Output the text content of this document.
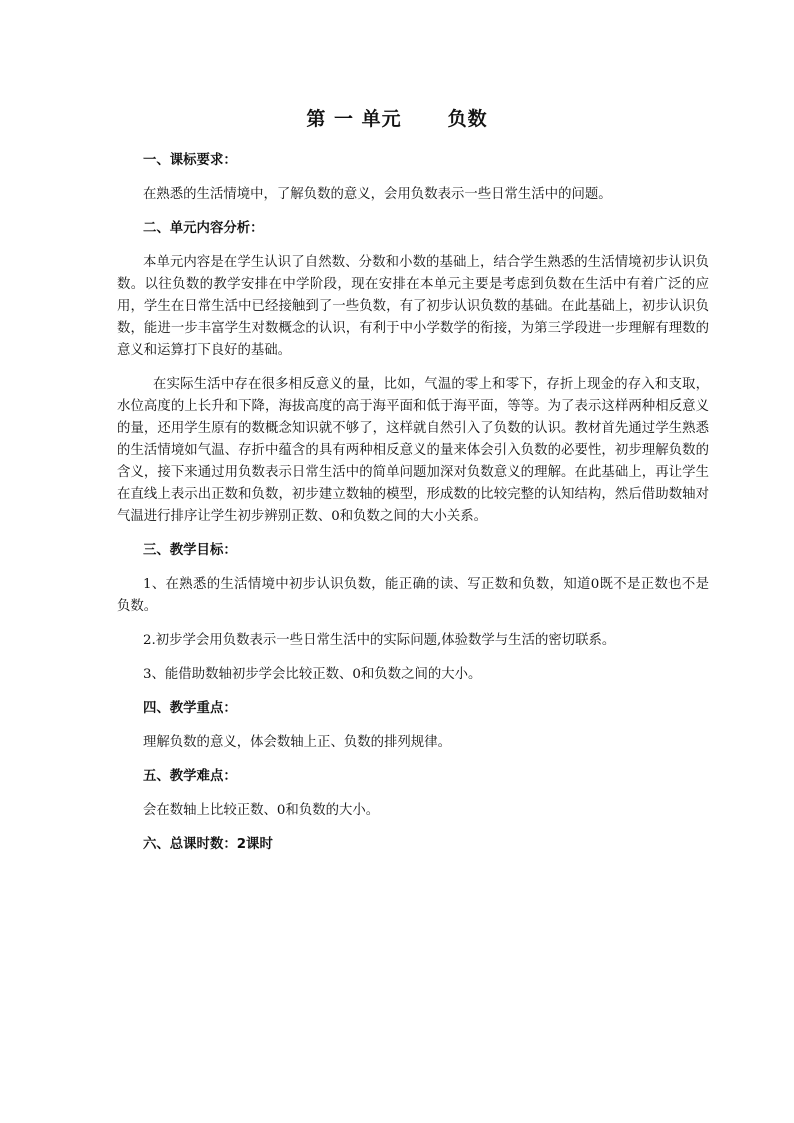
第 一 单元 负数
一、课标要求：
在熟悉的生活情境中，了解负数的意义，会用负数表示一些日常生活中的问题。
二、单元内容分析：
本单元内容是在学生认识了自然数、分数和小数的基础上，结合学生熟悉的生活情境初步认识负数。以往负数的教学安排在中学阶段，现在安排在本单元主要是考虑到负数在生活中有着广泛的应用，学生在日常生活中已经接触到了一些负数，有了初步认识负数的基础。在此基础上，初步认识负数，能进一步丰富学生对数概念的认识，有利于中小学数学的衔接，为第三学段进一步理解有理数的意义和运算打下良好的基础。
在实际生活中存在很多相反意义的量，比如，气温的零上和零下，存折上现金的存入和支取，水位高度的上长升和下降，海拔高度的高于海平面和低于海平面，等等。为了表示这样两种相反意义的量，还用学生原有的数概念知识就不够了，这样就自然引入了负数的认识。教材首先通过学生熟悉的生活情境如气温、存折中蕴含的具有两种相反意义的量来体会引入负数的必要性，初步理解负数的含义，接下来通过用负数表示日常生活中的简单问题加深对负数意义的理解。在此基础上，再让学生在直线上表示出正数和负数，初步建立数轴的模型，形成数的比较完整的认知结构，然后借助数轴对气温进行排序让学生初步辨别正数、0和负数之间的大小关系。
三、教学目标：
1、在熟悉的生活情境中初步认识负数，能正确的读、写正数和负数，知道0既不是正数也不是负数。
2.初步学会用负数表示一些日常生活中的实际问题,体验数学与生活的密切联系。
3、能借助数轴初步学会比较正数、0和负数之间的大小。
四、教学重点：
理解负数的意义，体会数轴上正、负数的排列规律。
五、教学难点：
会在数轴上比较正数、0和负数的大小。
六、总课时数：2课时
